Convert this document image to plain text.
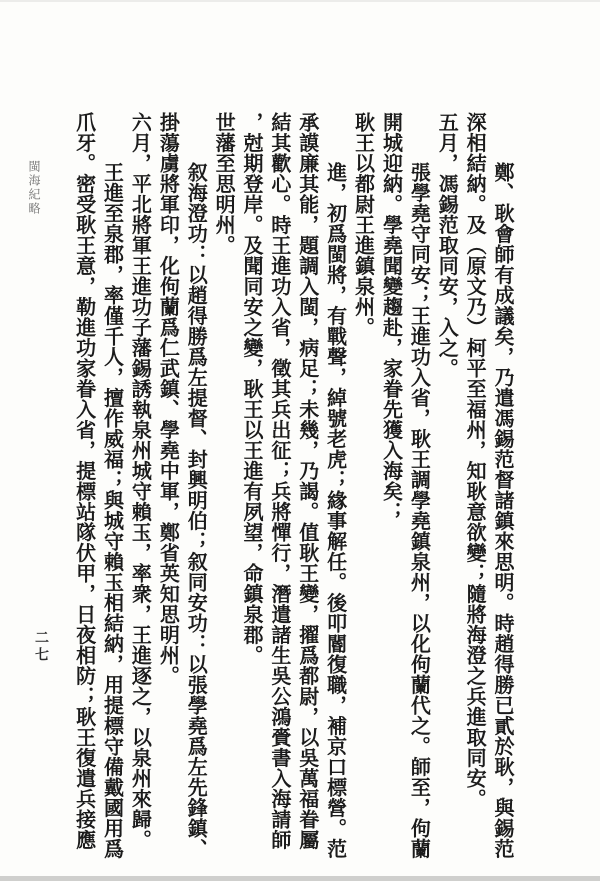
閩海紀略
二七	鄭、耿會師有成議矣，乃遣馮錫范督諸鎮來思明。時趙得勝已貳於耿，與錫范
深相結納。及（原文乃）柯平至福州，知耿意欲變；隨將海澄之兵進取同安。
五月，馮錫范取同安，入之。
張學堯守同安；王進功入省，耿王調學堯鎮泉州，以化佝蘭代之。師至，佝蘭
開城迎納。學堯聞變趨赴，家眷先獲入海矣；
耿王以都尉王進鎮泉州。
進，初爲閩將，有戰聲，綽號老虎；緣事解任。後叩閽復職，補京口標營。范
承謨廉其能，題調入閩，病足；未幾，乃謁。值耿王變，擢爲都尉，以吳萬福眷屬
結其歡心。時王進功入省，徵其兵出征；兵將憚行，潛遣諸生吳公鴻賫書入海請師
，尅期登岸。及聞同安之變，耿王以王進有夙望，命鎮泉郡。
世藩至思明州。
叙海澄功：以趙得勝爲左提督、封興明伯；叙同安功：以張學堯爲左先鋒鎮、
掛蕩虜將軍印，化佝蘭爲仁武鎮、學堯中軍，鄭省英知思明州。
六月，平北將軍王進功子藩錫誘執泉州城守賴玉，率衆，王進逐之，以泉州來歸。
王進至泉郡，率僅千人，擅作威福；與城守賴玉相結納，用提標守備戴國用爲
爪牙。密受耿王意，勒進功家眷入省，提標站隊伏甲，日夜相防；耿王復遣兵接應
